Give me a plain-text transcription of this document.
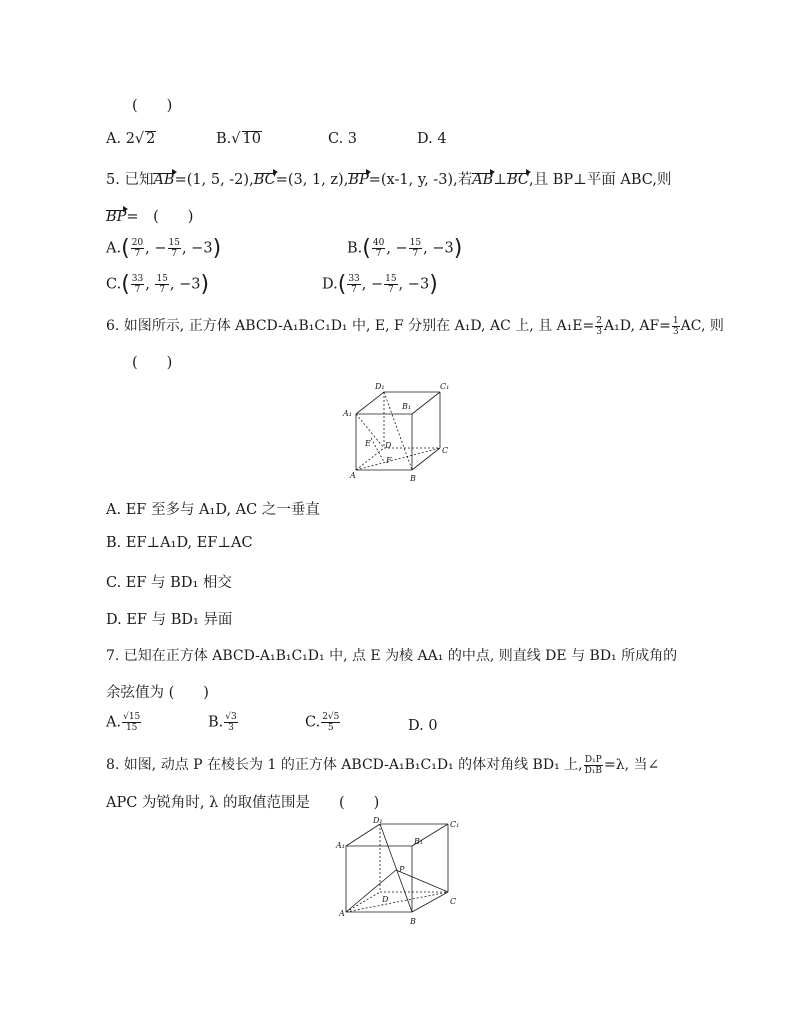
(　　)
A. 2√ 2	B.√ 10	C. 3	D. 4
5. 已知AB=(1, 5, -2),BC=(3, 1, z),BP=(x-1, y, -3),若AB⊥BC,且 BP⊥平面 ABC,则
BP=　(　　)
$A.( \frac{20}{7}$ , − $\frac{15}{7}$ , −3)	$B.( \frac{40}{7}$ , − $\frac{15}{7}$ , −3)
$C.( \frac{33}{7}$ , $\frac{15}{7}$ , −3)	$D.( \frac{33}{7}$ , − $\frac{15}{7}$ , −3)
6. 如图所示, 正方体 ABCD-A₁B₁C₁D₁ 中, E, F 分别在 A₁D, AC 上, 且 $A_1E= \frac{2}{3} A_1D$, $AF= \frac{1}{3}$ AC, 则
(　　)
A	B
C
D
A₁
B₁
C₁
D₁
E
F
A. EF 至多与 A₁D, AC 之一垂直
B. EF⊥A₁D, EF⊥AC
C. EF 与 BD₁ 相交
D. EF 与 BD₁ 异面
7. 已知在正方体 ABCD-A₁B₁C₁D₁ 中, 点 E 为棱 AA₁ 的中点, 则直线 DE 与 BD₁ 所成角的
余弦值为 (　　)
A. $\frac{√15}{15}$	B. $\frac{√3}{3}$	C. $\frac{2√5}{5}$	D. 0
8. 如图, 动点 P 在棱长为 1 的正方体 ABCD-A₁B₁C₁D₁ 的体对角线 BD₁ 上, $\frac{\text{D₁P}}{\text{D₁B}} =\lambda$, 当∠
APC 为锐角时, λ 的取值范围是　　(　　)
A
B
C
D
A₁	B₁
C₁
D₁
P
